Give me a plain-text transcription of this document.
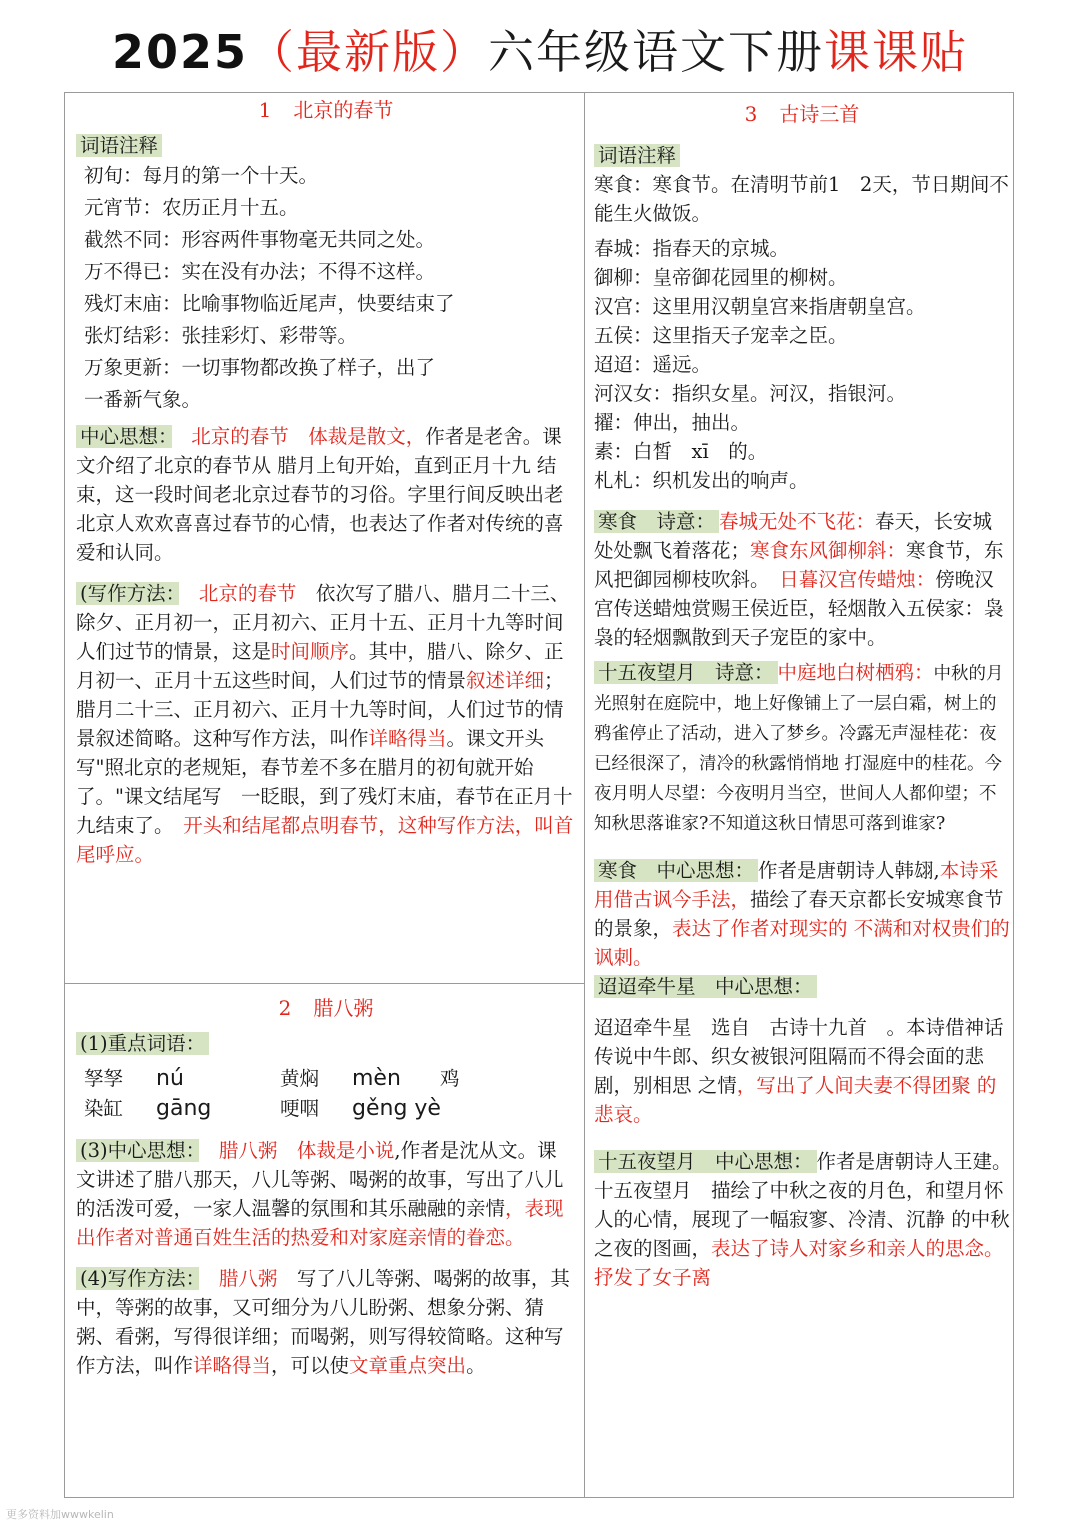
2025（最新版）六年级语文下册课课贴

1 北京的春节

词语注释

初旬：每月的第一个十天。

元宵节：农历正月十五。

截然不同：形容两件事物毫无共同之处。

万不得已：实在没有办法；不得不这样。

残灯末庙：比喻事物临近尾声，快要结束了

张灯结彩：张挂彩灯、彩带等。

万象更新：一切事物都改换了样子，出了

一番新气象。

中心思想：　 北京的春节　体裁是散文，作者是老舍。课文介绍了北京的春节从 腊月上旬开始，直到正月十九 结束，这一段时间老北京过春节的习俗。字里行间反映出老北京人欢欢喜喜过春节的心情，也表达了作者对传统的喜爱和认同。

(写作方法：　 北京的春节　依次写了腊八、腊月二十三、除夕、正月初一，正月初六、正月十五、正月十九等时间人们过节的情景，这是时间顺序。其中，腊八、除夕、正月初一、正月十五这些时间，人们过节的情景叙述详细；腊月二十三、正月初六、正月十九等时间，人们过节的情景叙述简略。这种写作方法，叫作详略得当。课文开头写"照北京的老规矩，春节差不多在腊月的初旬就开始了。"课文结尾写　一眨眼，到了残灯末庙，春节在正月十九结束了。　开头和结尾都点明春节，这种写作方法，叫首尾呼应。

2 腊八粥

(1)重点词语：

孥孥	nú	黄焖	mèn	鸡
染缸	gāng	哽咽	gěng yè

(3)中心思想：　 腊八粥　体裁是小说,作者是沈从文。课文讲述了腊八那天，八儿等粥、喝粥的故事，写出了八儿的活泼可爱，一家人温馨的氛围和其乐融融的亲情，表现出作者对普通百姓生活的热爱和对家庭亲情的眷恋。

(4)写作方法：　 腊八粥　写了八儿等粥、喝粥的故事，其中，等粥的故事，又可细分为八儿盼粥、想象分粥、猜粥、看粥，写得很详细；而喝粥，则写得较简略。这种写作方法，叫作详略得当，可以使文章重点突出。

3 古诗三首

词语注释

寒食：寒食节。在清明节前1　2天，节日期间不能生火做饭。

春城：指春天的京城。

御柳：皇帝御花园里的柳树。

汉宫：这里用汉朝皇宫来指唐朝皇宫。

五侯：这里指天子宠幸之臣。

迢迢：遥远。

河汉女：指织女星。河汉，指银河。

擢：伸出，抽出。

素：白皙　xī　的。

札札：织机发出的响声。

寒食　诗意： 春城无处不飞花：春天，长安城处处飘飞着落花；寒食东风御柳斜：寒食节，东风把御园柳枝吹斜。　 日暮汉宫传蜡烛：傍晚汉宫传送蜡烛赏赐王侯近臣，轻烟散入五侯家：袅袅的轻烟飘散到天子宠臣的家中。

十五夜望月　诗意： 中庭地白树栖鸦：中秋的月光照射在庭院中，地上好像铺上了一层白霜，树上的鸦雀停止了活动，进入了梦乡。冷露无声湿桂花：夜已经很深了，清冷的秋露悄悄地 打湿庭中的桂花。今夜月明人尽望：今夜明月当空，世间人人都仰望；不知秋思落谁家?不知道这秋日情思可落到谁家?

寒食　中心思想： 作者是唐朝诗人韩翃,本诗采用借古讽今手法，描绘了春天京都长安城寒食节的景象，表达了作者对现实的 不满和对权贵们的讽刺。

迢迢牵牛星　中心思想：

迢迢牵牛星　选自　古诗十九首　。本诗借神话传说中牛郎、织女被银河阻隔而不得会面的悲剧，别相思 之情，写出了人间夫妻不得团聚 的悲哀。

十五夜望月　中心思想： 作者是唐朝诗人王建。　十五夜望月　描绘了中秋之夜的月色，和望月怀人的心情，展现了一幅寂寥、冷清、沉静 的中秋之夜的图画，表达了诗人对家乡和亲人的思念。抒发了女子离

更多资料加wwwkelin
